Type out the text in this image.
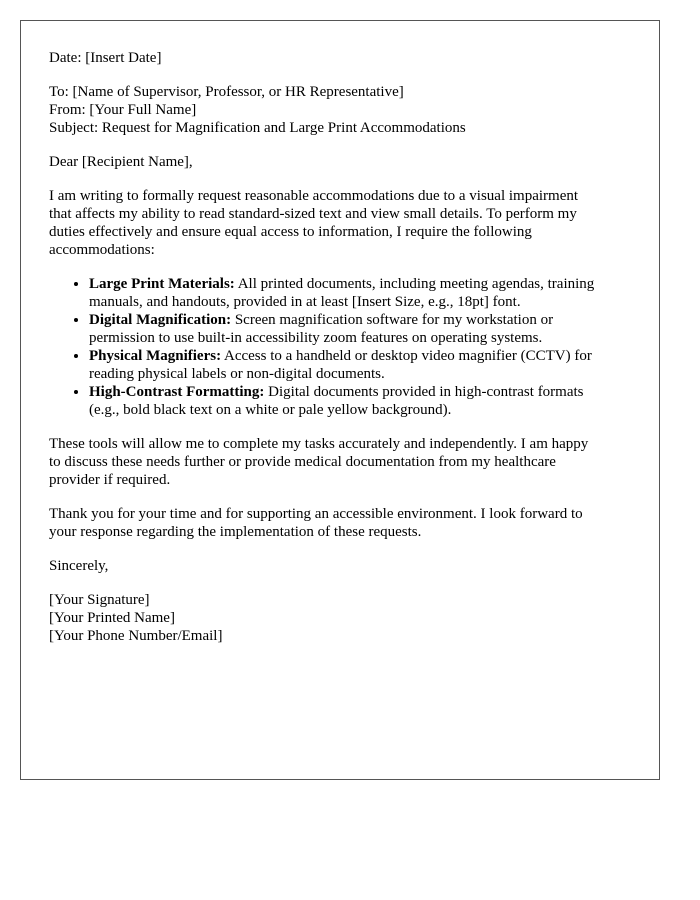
Date: [Insert Date]
To: [Name of Supervisor, Professor, or HR Representative]
From: [Your Full Name]
Subject: Request for Magnification and Large Print Accommodations
Dear [Recipient Name],
I am writing to formally request reasonable accommodations due to a visual impairment
that affects my ability to read standard-sized text and view small details. To perform my
duties effectively and ensure equal access to information, I require the following
accommodations:
• Large Print Materials: All printed documents, including meeting agendas, training
manuals, and handouts, provided in at least [Insert Size, e.g., 18pt] font.
• Digital Magnification: Screen magnification software for my workstation or
permission to use built-in accessibility zoom features on operating systems.
• Physical Magnifiers: Access to a handheld or desktop video magnifier (CCTV) for
reading physical labels or non-digital documents.
• High-Contrast Formatting: Digital documents provided in high-contrast formats
(e.g., bold black text on a white or pale yellow background).
These tools will allow me to complete my tasks accurately and independently. I am happy
to discuss these needs further or provide medical documentation from my healthcare
provider if required.
Thank you for your time and for supporting an accessible environment. I look forward to
your response regarding the implementation of these requests.
Sincerely,
[Your Signature]
[Your Printed Name]
[Your Phone Number/Email]
